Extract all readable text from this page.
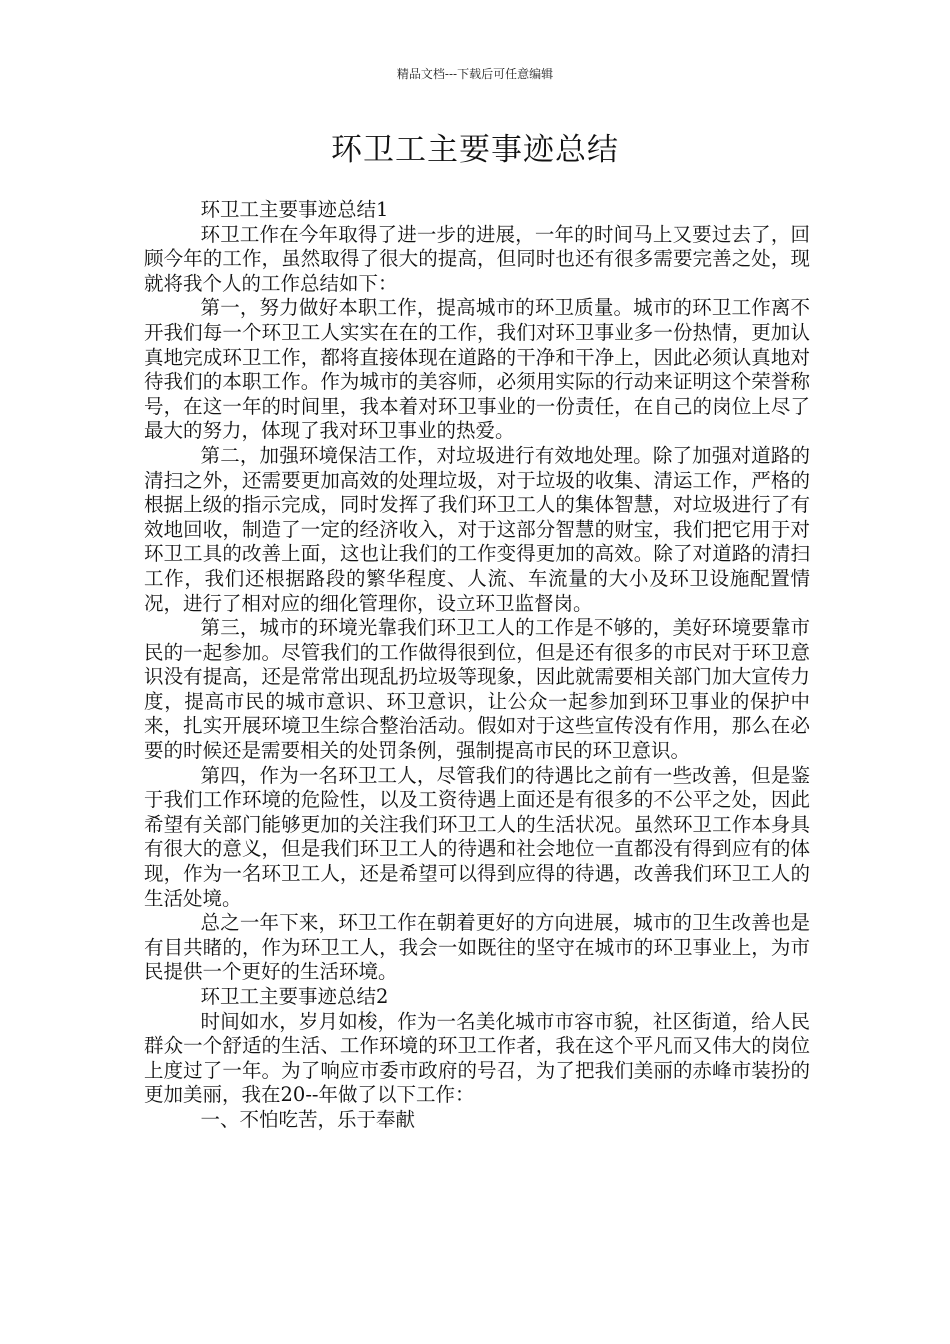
精品文档---下载后可任意编辑
环卫工主要事迹总结

环卫工主要事迹总结1

环卫工作在今年取得了进一步的进展，一年的时间马上又要过去了，回顾今年的工作，虽然取得了很大的提高，但同时也还有很多需要完善之处，现就将我个人的工作总结如下：

第一，努力做好本职工作，提高城市的环卫质量。城市的环卫工作离不开我们每一个环卫工人实实在在的工作，我们对环卫事业多一份热情，更加认真地完成环卫工作，都将直接体现在道路的干净和干净上，因此必须认真地对待我们的本职工作。作为城市的美容师，必须用实际的行动来证明这个荣誉称号，在这一年的时间里，我本着对环卫事业的一份责任，在自己的岗位上尽了最大的努力，体现了我对环卫事业的热爱。

第二，加强环境保洁工作，对垃圾进行有效地处理。除了加强对道路的清扫之外，还需要更加高效的处理垃圾，对于垃圾的收集、清运工作，严格的根据上级的指示完成，同时发挥了我们环卫工人的集体智慧，对垃圾进行了有效地回收，制造了一定的经济收入，对于这部分智慧的财宝，我们把它用于对环卫工具的改善上面，这也让我们的工作变得更加的高效。除了对道路的清扫工作，我们还根据路段的繁华程度、人流、车流量的大小及环卫设施配置情况，进行了相对应的细化管理你，设立环卫监督岗。

第三，城市的环境光靠我们环卫工人的工作是不够的，美好环境要靠市民的一起参加。尽管我们的工作做得很到位，但是还有很多的市民对于环卫意识没有提高，还是常常出现乱扔垃圾等现象，因此就需要相关部门加大宣传力度，提高市民的城市意识、环卫意识，让公众一起参加到环卫事业的保护中来，扎实开展环境卫生综合整治活动。假如对于这些宣传没有作用，那么在必要的时候还是需要相关的处罚条例，强制提高市民的环卫意识。

第四，作为一名环卫工人，尽管我们的待遇比之前有一些改善，但是鉴于我们工作环境的危险性，以及工资待遇上面还是有很多的不公平之处，因此希望有关部门能够更加的关注我们环卫工人的生活状况。虽然环卫工作本身具有很大的意义，但是我们环卫工人的待遇和社会地位一直都没有得到应有的体现，作为一名环卫工人，还是希望可以得到应得的待遇，改善我们环卫工人的生活处境。

总之一年下来，环卫工作在朝着更好的方向进展，城市的卫生改善也是有目共睹的，作为环卫工人，我会一如既往的坚守在城市的环卫事业上，为市民提供一个更好的生活环境。

环卫工主要事迹总结2

时间如水，岁月如梭，作为一名美化城市市容市貌，社区街道，给人民群众一个舒适的生活、工作环境的环卫工作者，我在这个平凡而又伟大的岗位上度过了一年。为了响应市委市政府的号召，为了把我们美丽的赤峰市装扮的更加美丽，我在20--年做了以下工作：

一、不怕吃苦，乐于奉献
